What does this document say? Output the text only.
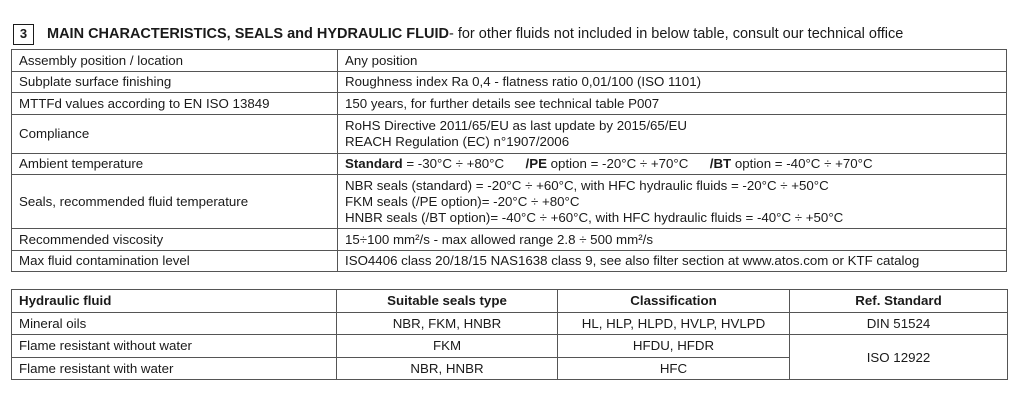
3	MAIN CHARACTERISTICS, SEALS and HYDRAULIC FLUID - for other fluids not included in below table, consult our technical office
Assembly position / location	Any position
Subplate surface finishing	Roughness index Ra 0,4 - flatness ratio 0,01/100 (ISO 1101)
MTTFd values according to EN ISO 13849	150 years, for further details see technical table P007
Compliance	RoHS Directive 2011/65/EU as last update by 2015/65/EU
REACH Regulation (EC) n°1907/2006

Ambient temperature	Standard = -30°C ÷ +80°C /PE option = -20°C ÷ +70°C /BT option = -40°C ÷ +70°C
Seals, recommended fluid temperature	NBR seals (standard) = -20°C ÷ +60°C, with HFC hydraulic fluids = -20°C ÷ +50°C
FKM seals (/PE option)= -20°C ÷ +80°C
HNBR seals (/BT option)= -40°C ÷ +60°C, with HFC hydraulic fluids = -40°C ÷ +50°C

Recommended viscosity	15÷100 mm²/s - max allowed range 2.8 ÷ 500 mm²/s
Max fluid contamination level	ISO4406 class 20/18/15 NAS1638 class 9, see also filter section at www.atos.com or KTF catalog
Hydraulic fluid	Suitable seals type	Classification	Ref. Standard
Mineral oils	NBR, FKM, HNBR	HL, HLP, HLPD, HVLP, HVLPD	DIN 51524
Flame resistant without water	FKM	HFDU, HFDR	ISO 12922
Flame resistant with water	NBR, HNBR	HFC	
